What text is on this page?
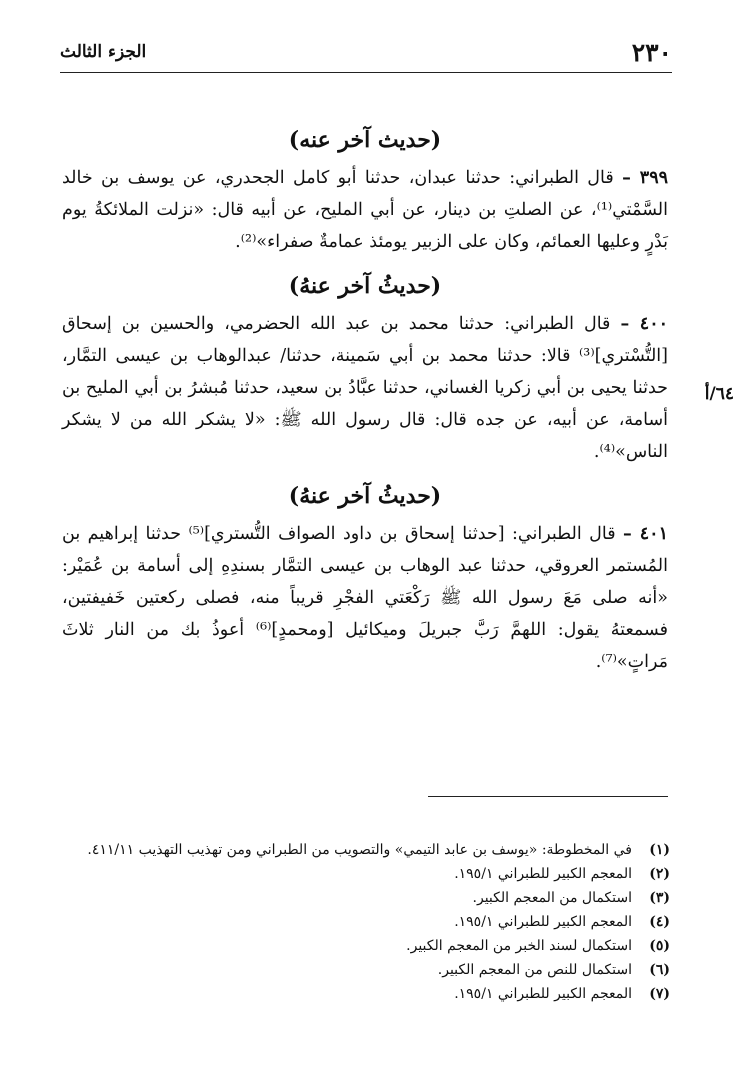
٢٣٠
الجزء الثالث
٦٤/أ
(حديث آخر عنه)
٣٩٩ – قال الطبراني: حدثنا عبدان، حدثنا أبو كامل الجحدري، عن يوسف بن خالد السَّمْتي⁽¹⁾، عن الصلتِ بن دينار، عن أبي المليح، عن أبيه قال: «نزلت الملائكةُ يوم بَدْرٍ وعليها العمائم، وكان على الزبير يومئذ عمامةٌ صفراء»⁽²⁾.
(حديثُ آخر عنهُ)
٤٠٠ – قال الطبراني: حدثنا محمد بن عبد الله الحضرمي، والحسين بن إسحاق [التُّسْتري]⁽³⁾ قالا: حدثنا محمد بن أبي سَمينة، حدثنا/ عبدالوهاب بن عيسى التمَّار، حدثنا يحيى بن أبي زكريا الغساني، حدثنا عبَّادُ بن سعيد، حدثنا مُبشرُ بن أبي المليح بن أسامة، عن أبيه، عن جده قال: قال رسول الله ﷺ: «لا يشكر الله من لا يشكر الناس»⁽⁴⁾.
(حديثُ آخر عنهُ)
٤٠١ – قال الطبراني: [حدثنا إسحاق بن داود الصواف التُّستري]⁽⁵⁾ حدثنا إبراهيم بن المُستمر العروقي، حدثنا عبد الوهاب بن عيسى التمَّار بسندِهِ إلى أسامة بن عُمَيْر: «أنه صلى مَعَ رسول الله ﷺ رَكْعَتي الفجْرِ قريباً منه، فصلى ركعتين خَفيفتين، فسمعتهُ يقول: اللهمَّ رَبَّ جبريلَ وميكائيل [ومحمدٍ]⁽⁶⁾ أعوذُ بك من النار ثلاثَ مَراتٍ»⁽⁷⁾.
(١)
في المخطوطة: «يوسف بن عابد التيمي» والتصويب من الطبراني ومن تهذيب التهذيب ٤١١/١١.
(٢)
المعجم الكبير للطبراني ١٩٥/١.
(٣)
استكمال من المعجم الكبير.
(٤)
المعجم الكبير للطبراني ١٩٥/١.
(٥)
استكمال لسند الخبر من المعجم الكبير.
(٦)
استكمال للنص من المعجم الكبير.
(٧)
المعجم الكبير للطبراني ١٩٥/١.
